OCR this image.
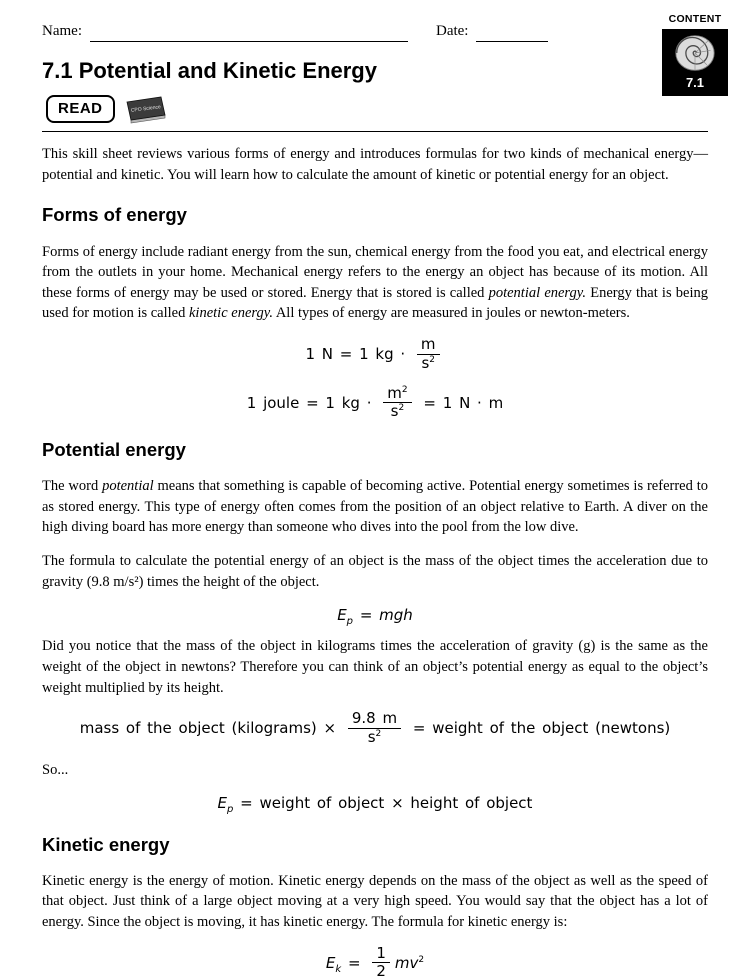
Name:	Date:
CONTENT
7.1
7.1 Potential and Kinetic Energy
READ	CPO Science

This skill sheet reviews various forms of energy and introduces formulas for two kinds of mechanical energy—potential and kinetic. You will learn how to calculate the amount of kinetic or potential energy for an object.

Forms of energy

Forms of energy include radiant energy from the sun, chemical energy from the food you eat, and electrical energy from the outlets in your home. Mechanical energy refers to the energy an object has because of its motion. All these forms of energy may be used or stored. Energy that is stored is called potential energy. Energy that is being used for motion is called kinetic energy. All types of energy are measured in joules or newton-meters.

1 N = 1 kg · $\frac{m}{s^2}$
1 joule = 1 kg · $\frac{m^2}{s^2} = 1$ N · m
Potential energy

The word potential means that something is capable of becoming active. Potential energy sometimes is referred to as stored energy. This type of energy often comes from the position of an object relative to Earth. A diver on the high diving board has more energy than someone who dives into the pool from the low dive.

The formula to calculate the potential energy of an object is the mass of the object times the acceleration due to gravity (9.8 m/s²) times the height of the object.

$E_p$ = mgh

Did you notice that the mass of the object in kilograms times the acceleration of gravity (g) is the same as the weight of the object in newtons? Therefore you can think of an object’s potential energy as equal to the object’s weight multiplied by its height.

mass of the object (kilograms) × $\frac{9.8 m}{s^2}$ = weight of the object (newtons)

So...

$E_p$ = weight of object × height of object
Kinetic energy

Kinetic energy is the energy of motion. Kinetic energy depends on the mass of the object as well as the speed of that object. Just think of a large object moving at a very high speed. You would say that the object has a lot of energy. Since the object is moving, it has kinetic energy. The formula for kinetic energy is:

$E_k = \frac{1}{2} mv^2$
